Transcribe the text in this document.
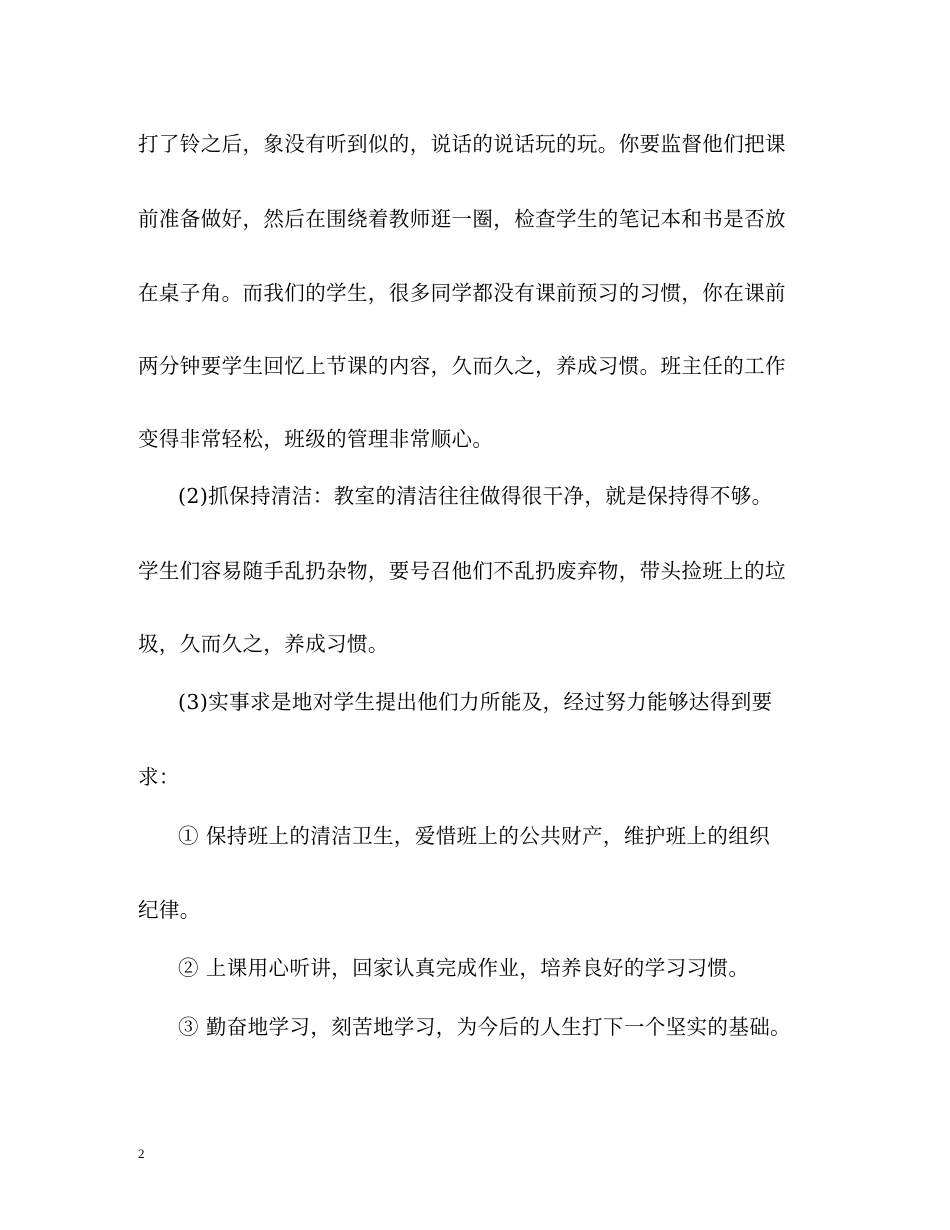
打了铃之后，象没有听到似的，说话的说话玩的玩。你要监督他们把课
前准备做好，然后在围绕着教师逛一圈，检查学生的笔记本和书是否放
在桌子角。而我们的学生，很多同学都没有课前预习的习惯，你在课前
两分钟要学生回忆上节课的内容，久而久之，养成习惯。班主任的工作
变得非常轻松，班级的管理非常顺心。
(2)抓保持清洁：教室的清洁往往做得很干净，就是保持得不够。
学生们容易随手乱扔杂物，要号召他们不乱扔废弃物，带头捡班上的垃
圾，久而久之，养成习惯。
(3)实事求是地对学生提出他们力所能及，经过努力能够达得到要
求：
① 保持班上的清洁卫生，爱惜班上的公共财产，维护班上的组织
纪律。
② 上课用心听讲，回家认真完成作业，培养良好的学习习惯。
③ 勤奋地学习，刻苦地学习，为今后的人生打下一个坚实的基础。
2
